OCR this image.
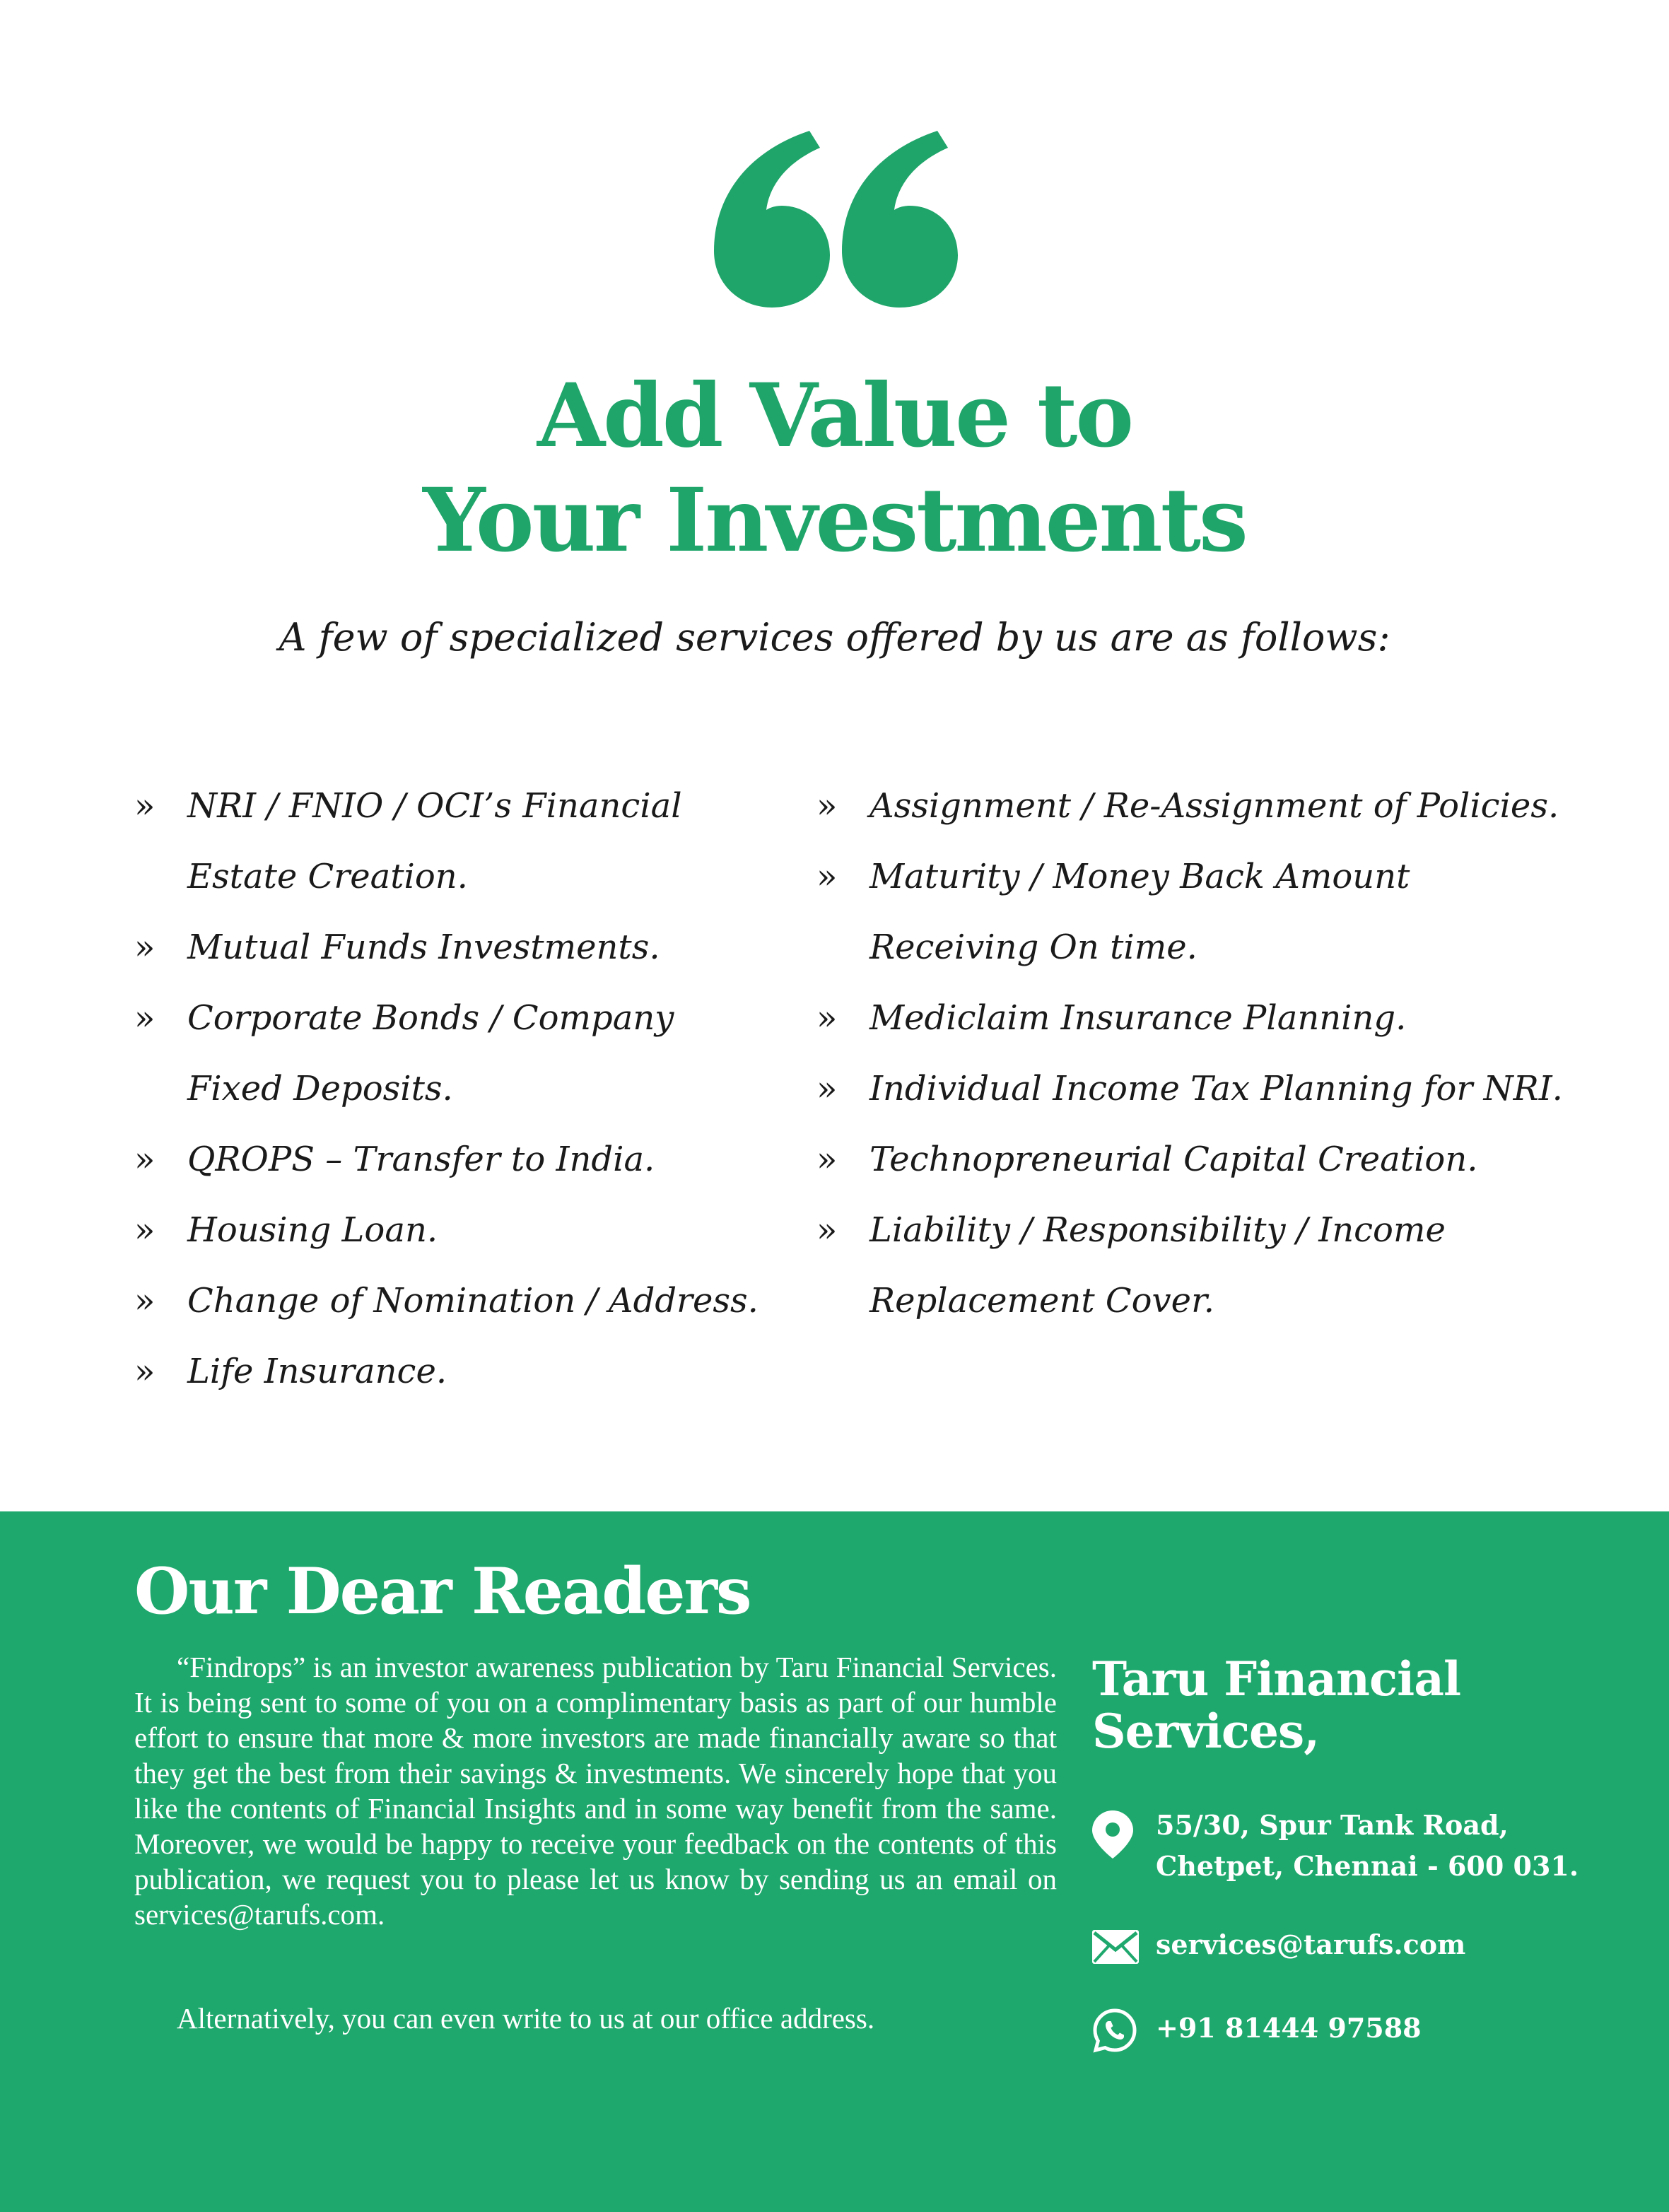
Add Value to
Your Investments

A few of specialized services offered by us are as follows:

» NRI / FNIO / OCI’s Financial Estate Creation.
» Mutual Funds Investments.
» Corporate Bonds / Company Fixed Deposits.
» QROPS – Transfer to India.
» Housing Loan.
» Change of Nomination / Address.
» Life Insurance.
» Assignment / Re-Assignment of Policies.
» Maturity / Money Back Amount Receiving On time.
» Mediclaim Insurance Planning.
» Individual Income Tax Planning for NRI.
» Technopreneurial Capital Creation.
» Liability / Responsibility / Income Replacement Cover.
Our Dear Readers

“Findrops” is an investor awareness publication by Taru Financial Services. It is being sent to some of you on a complimentary basis as part of our humble effort to ensure that more & more investors are made financially aware so that they get the best from their savings & investments. We sincerely hope that you like the contents of Financial Insights and in some way benefit from the same. Moreover, we would be happy to receive your feedback on the contents of this publication, we request you to please let us know by sending us an email on services@tarufs.com.

Alternatively, you can even write to us at our office address.

Taru Financial
Services,
55/30, Spur Tank Road,
Chetpet, Chennai - 600 031.
services@tarufs.com
+91 81444 97588
